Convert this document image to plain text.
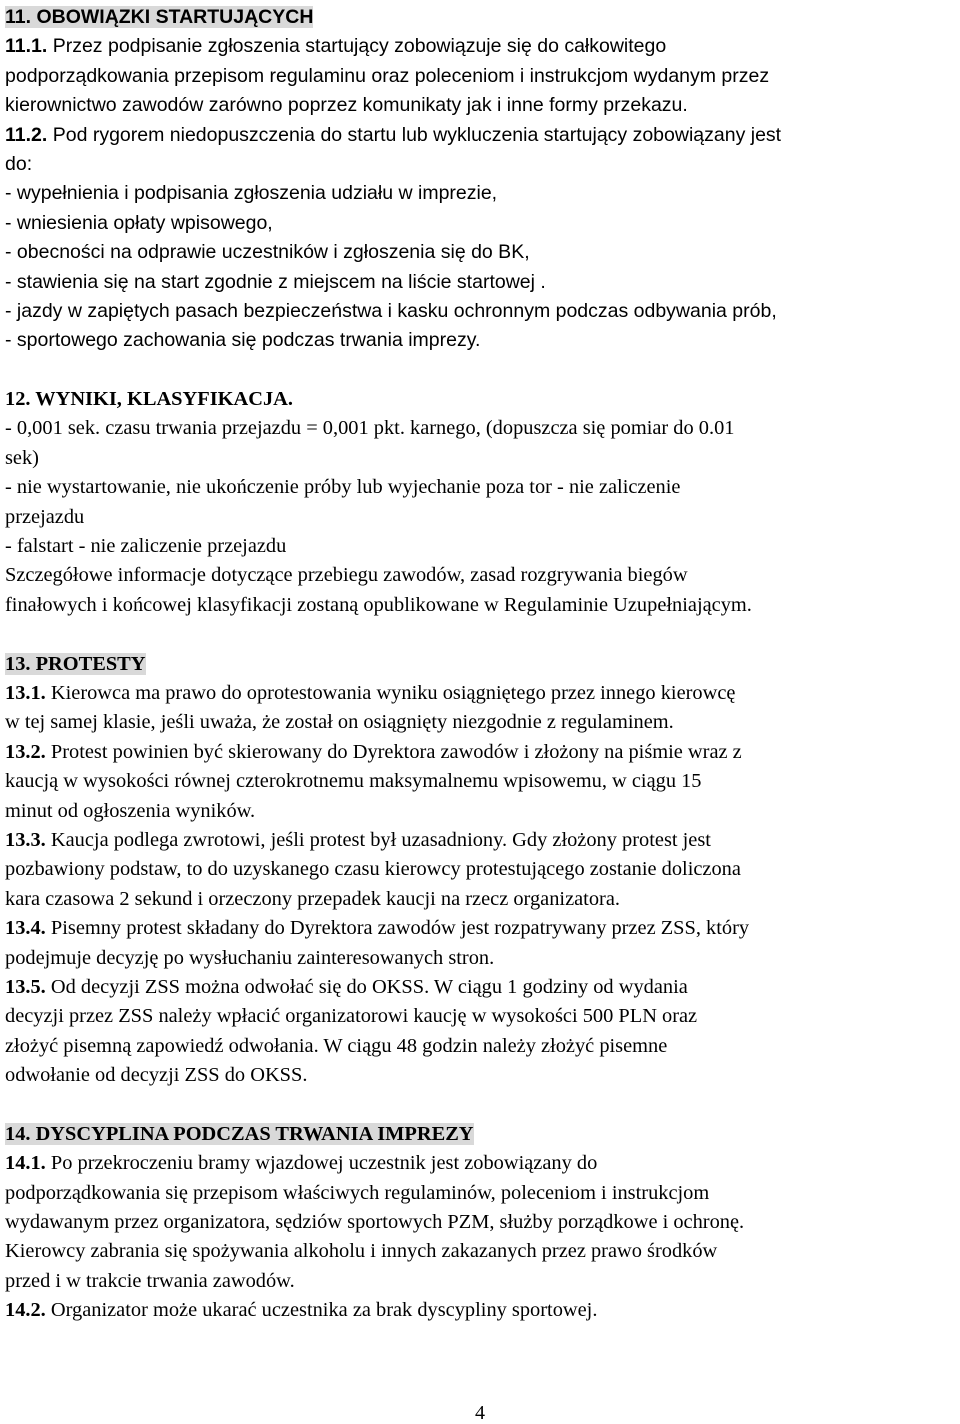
11. OBOWIĄZKI STARTUJĄCYCH
11.1. Przez podpisanie zgłoszenia startujący zobowiązuje się do całkowitego
podporządkowania przepisom regulaminu oraz poleceniom i instrukcjom wydanym przez
kierownictwo zawodów zarówno poprzez komunikaty jak i inne formy przekazu.
11.2. Pod rygorem niedopuszczenia do startu lub wykluczenia startujący zobowiązany jest
do:
- wypełnienia i podpisania zgłoszenia udziału w imprezie,
- wniesienia opłaty wpisowego,
- obecności na odprawie uczestników i zgłoszenia się do BK,
- stawienia się na start zgodnie z miejscem na liście startowej .
- jazdy w zapiętych pasach bezpieczeństwa i kasku ochronnym podczas odbywania prób,
- sportowego zachowania się podczas trwania imprezy.
12. WYNIKI, KLASYFIKACJA.
- 0,001 sek. czasu trwania przejazdu = 0,001 pkt. karnego, (dopuszcza się pomiar do 0.01
sek)
- nie wystartowanie, nie ukończenie próby lub wyjechanie poza tor - nie zaliczenie
przejazdu
- falstart - nie zaliczenie przejazdu
Szczegółowe informacje dotyczące przebiegu zawodów, zasad rozgrywania biegów
finałowych i końcowej klasyfikacji zostaną opublikowane w Regulaminie Uzupełniającym.
13. PROTESTY
13.1. Kierowca ma prawo do oprotestowania wyniku osiągniętego przez innego kierowcę
w tej samej klasie, jeśli uważa, że został on osiągnięty niezgodnie z regulaminem.
13.2. Protest powinien być skierowany do Dyrektora zawodów i złożony na piśmie wraz z
kaucją w wysokości równej czterokrotnemu maksymalnemu wpisowemu, w ciągu 15
minut od ogłoszenia wyników.
13.3. Kaucja podlega zwrotowi, jeśli protest był uzasadniony. Gdy złożony protest jest
pozbawiony podstaw, to do uzyskanego czasu kierowcy protestującego zostanie doliczona
kara czasowa 2 sekund i orzeczony przepadek kaucji na rzecz organizatora.
13.4. Pisemny protest składany do Dyrektora zawodów jest rozpatrywany przez ZSS, który
podejmuje decyzję po wysłuchaniu zainteresowanych stron.
13.5. Od decyzji ZSS można odwołać się do OKSS. W ciągu 1 godziny od wydania
decyzji przez ZSS należy wpłacić organizatorowi kaucję w wysokości 500 PLN oraz
złożyć pisemną zapowiedź odwołania. W ciągu 48 godzin należy złożyć pisemne
odwołanie od decyzji ZSS do OKSS.
14. DYSCYPLINA PODCZAS TRWANIA IMPREZY
14.1. Po przekroczeniu bramy wjazdowej uczestnik jest zobowiązany do
podporządkowania się przepisom właściwych regulaminów, poleceniom i instrukcjom
wydawanym przez organizatora, sędziów sportowych PZM, służby porządkowe i ochronę.
Kierowcy zabrania się spożywania alkoholu i innych zakazanych przez prawo środków
przed i w trakcie trwania zawodów.
14.2. Organizator może ukarać uczestnika za brak dyscypliny sportowej.
4
